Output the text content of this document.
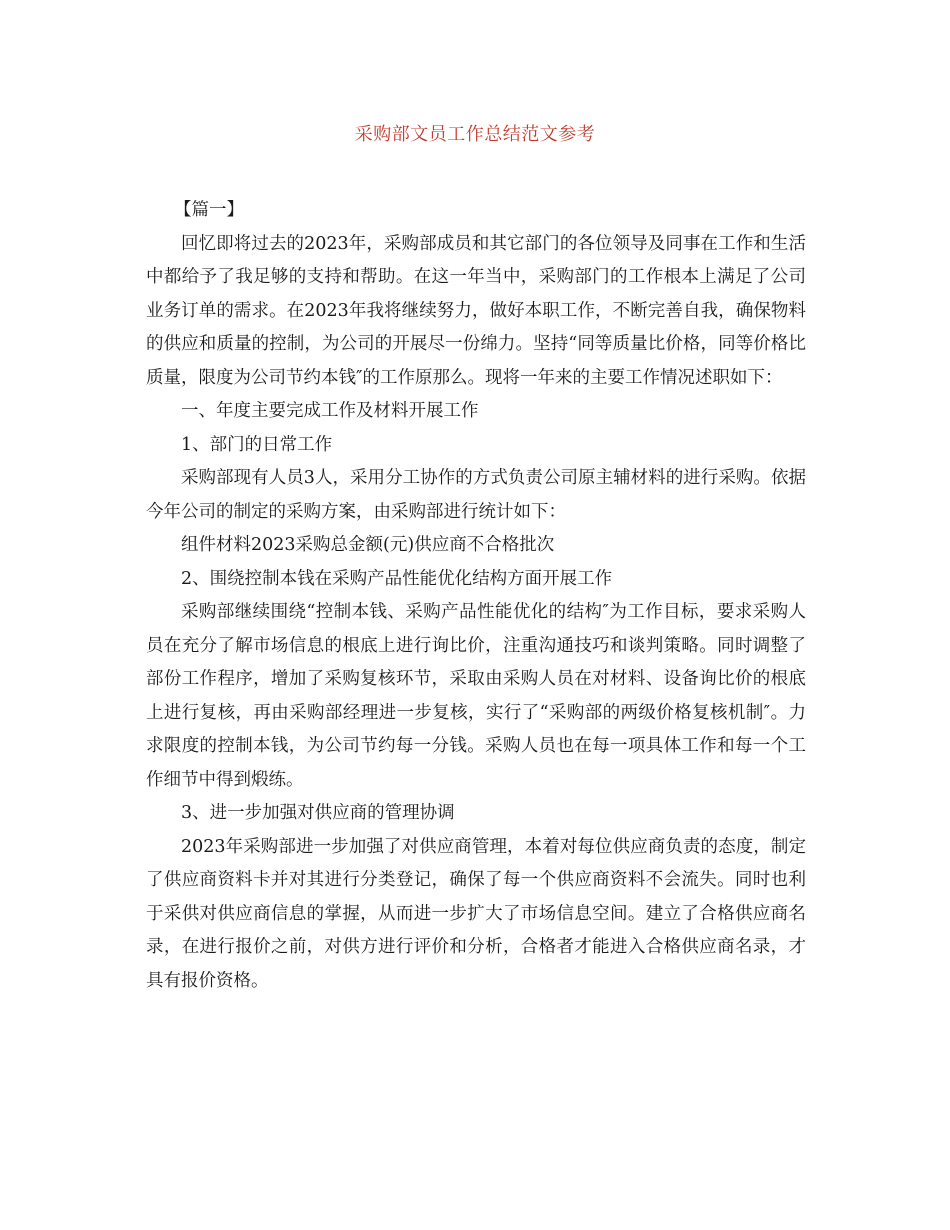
采购部文员工作总结范文参考

【篇一】

回忆即将过去的2023年，采购部成员和其它部门的各位领导及同事在工作和生活中都给予了我足够的支持和帮助。在这一年当中，采购部门的工作根本上满足了公司业务订单的需求。在2023年我将继续努力，做好本职工作，不断完善自我，确保物料的供应和质量的控制，为公司的开展尽一份绵力。坚持“同等质量比价格，同等价格比质量，限度为公司节约本钱″的工作原那么。现将一年来的主要工作情况述职如下：

一、年度主要完成工作及材料开展工作

1、部门的日常工作

采购部现有人员3人，采用分工协作的方式负责公司原主辅材料的进行采购。依据今年公司的制定的采购方案，由采购部进行统计如下：

组件材料2023采购总金额(元)供应商不合格批次

2、围绕控制本钱在采购产品性能优化结构方面开展工作

采购部继续围绕“控制本钱、采购产品性能优化的结构″为工作目标，要求采购人员在充分了解市场信息的根底上进行询比价，注重沟通技巧和谈判策略。同时调整了部份工作程序，增加了采购复核环节，采取由采购人员在对材料、设备询比价的根底上进行复核，再由采购部经理进一步复核，实行了“采购部的两级价格复核机制″。力求限度的控制本钱，为公司节约每一分钱。采购人员也在每一项具体工作和每一个工作细节中得到煅练。

3、进一步加强对供应商的管理协调

2023年采购部进一步加强了对供应商管理，本着对每位供应商负责的态度，制定了供应商资料卡并对其进行分类登记，确保了每一个供应商资料不会流失。同时也利于采供对供应商信息的掌握，从而进一步扩大了市场信息空间。建立了合格供应商名录，在进行报价之前，对供方进行评价和分析，合格者才能进入合格供应商名录，才具有报价资格。
